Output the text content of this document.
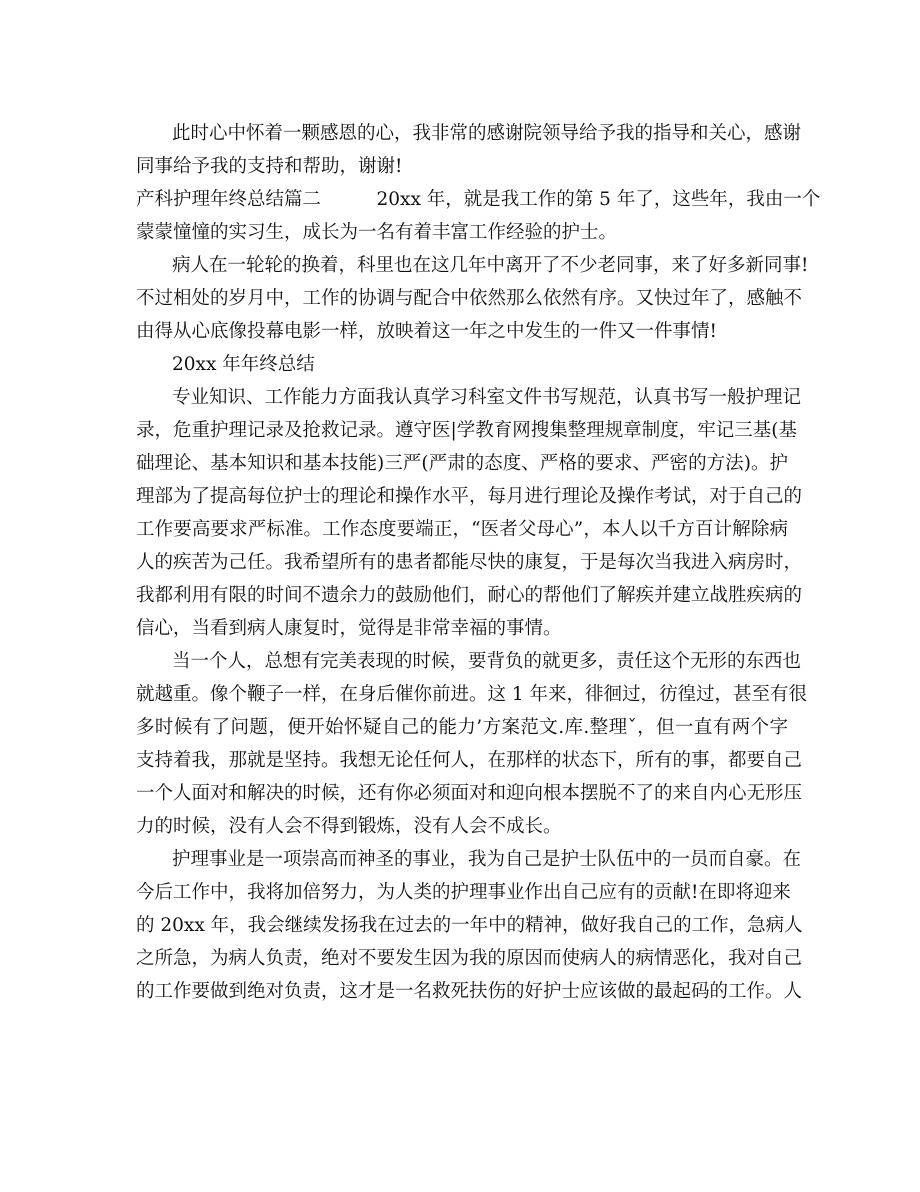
此时心中怀着一颗感恩的心，我非常的感谢院领导给予我的指导和关心，感谢
同事给予我的支持和帮助，谢谢!
产科护理年终总结篇二　　　20xx 年，就是我工作的第 5 年了，这些年，我由一个
蒙蒙憧憧的实习生，成长为一名有着丰富工作经验的护士。
病人在一轮轮的换着，科里也在这几年中离开了不少老同事，来了好多新同事!
不过相处的岁月中，工作的协调与配合中依然那么依然有序。又快过年了，感触不
由得从心底像投幕电影一样，放映着这一年之中发生的一件又一件事情!
20xx 年年终总结
专业知识、工作能力方面我认真学习科室文件书写规范，认真书写一般护理记
录，危重护理记录及抢救记录。遵守医|学教育网搜集整理规章制度，牢记三基(基
础理论、基本知识和基本技能)三严(严肃的态度、严格的要求、严密的方法)。护
理部为了提高每位护士的理论和操作水平，每月进行理论及操作考试，对于自己的
工作要高要求严标准。工作态度要端正，“医者父母心”，本人以千方百计解除病
人的疾苦为己任。我希望所有的患者都能尽快的康复，于是每次当我进入病房时，
我都利用有限的时间不遗余力的鼓励他们，耐心的帮他们了解疾并建立战胜疾病的
信心，当看到病人康复时，觉得是非常幸福的事情。
当一个人，总想有完美表现的时候，要背负的就更多，责任这个无形的东西也
就越重。像个鞭子一样，在身后催你前进。这 1 年来，徘徊过，彷徨过，甚至有很
多时候有了问题，便开始怀疑自己的能力’方案范文.库.整理ˇ，但一直有两个字
支持着我，那就是坚持。我想无论任何人，在那样的状态下，所有的事，都要自己
一个人面对和解决的时候，还有你必须面对和迎向根本摆脱不了的来自内心无形压
力的时候，没有人会不得到锻炼，没有人会不成长。
护理事业是一项崇高而神圣的事业，我为自己是护士队伍中的一员而自豪。在
今后工作中，我将加倍努力，为人类的护理事业作出自己应有的贡献!在即将迎来
的 20xx 年，我会继续发扬我在过去的一年中的精神，做好我自己的工作，急病人
之所急，为病人负责，绝对不要发生因为我的原因而使病人的病情恶化，我对自己
的工作要做到绝对负责，这才是一名救死扶伤的好护士应该做的最起码的工作。人
